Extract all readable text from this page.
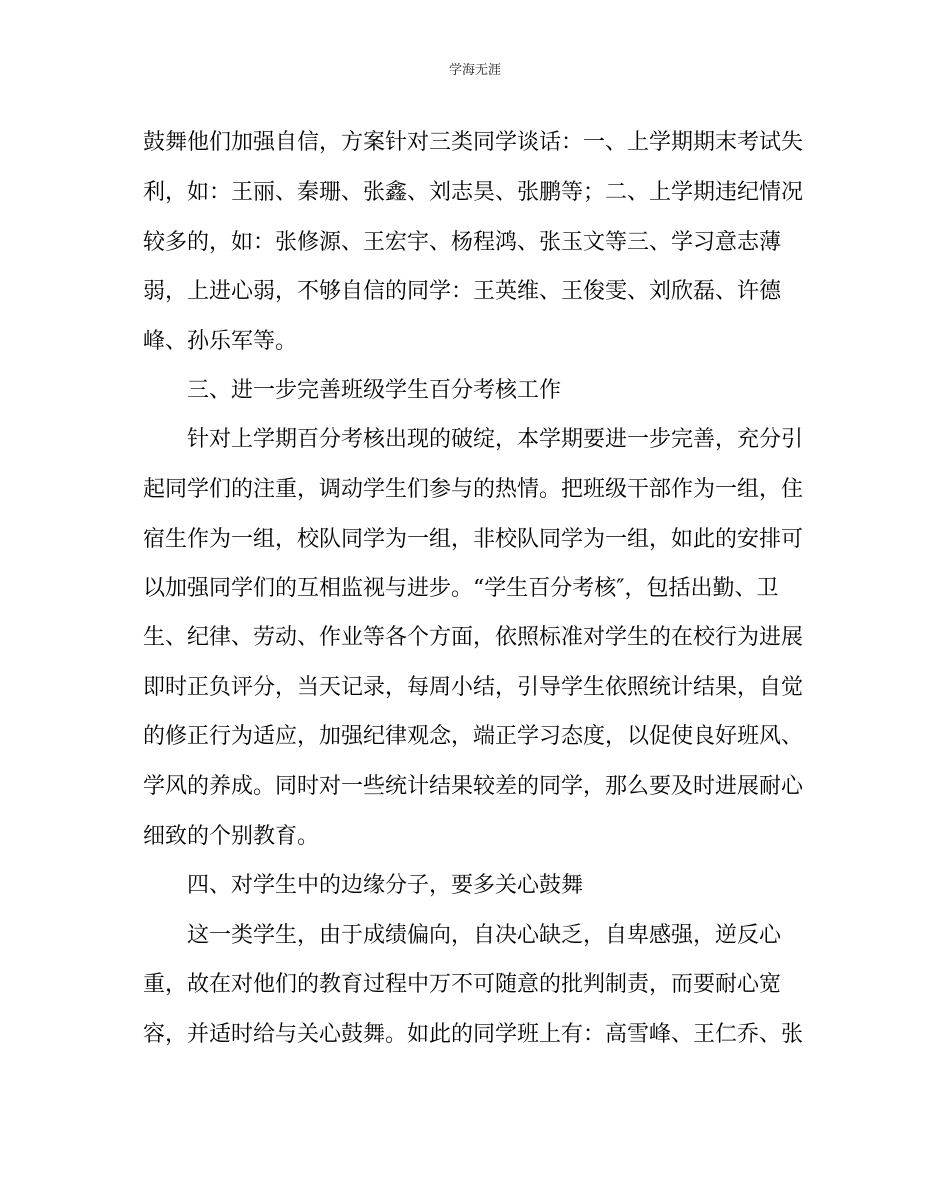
学海无涯
鼓舞他们加强自信，方案针对三类同学谈话：一、上学期期末考试失
利，如：王丽、秦珊、张鑫、刘志昊、张鹏等；二、上学期违纪情况
较多的，如：张修源、王宏宇、杨程鸿、张玉文等三、学习意志薄
弱，上进心弱，不够自信的同学：王英维、王俊雯、刘欣磊、许德
峰、孙乐军等。
三、进一步完善班级学生百分考核工作
针对上学期百分考核出现的破绽，本学期要进一步完善，充分引
起同学们的注重，调动学生们参与的热情。把班级干部作为一组，住
宿生作为一组，校队同学为一组，非校队同学为一组，如此的安排可
以加强同学们的互相监视与进步。“学生百分考核″，包括出勤、卫
生、纪律、劳动、作业等各个方面，依照标准对学生的在校行为进展
即时正负评分，当天记录，每周小结，引导学生依照统计结果，自觉
的修正行为适应，加强纪律观念，端正学习态度，以促使良好班风、
学风的养成。同时对一些统计结果较差的同学，那么要及时进展耐心
细致的个别教育。
四、对学生中的边缘分子，要多关心鼓舞
这一类学生，由于成绩偏向，自决心缺乏，自卑感强，逆反心
重，故在对他们的教育过程中万不可随意的批判制责，而要耐心宽
容，并适时给与关心鼓舞。如此的同学班上有：高雪峰、王仁乔、张
